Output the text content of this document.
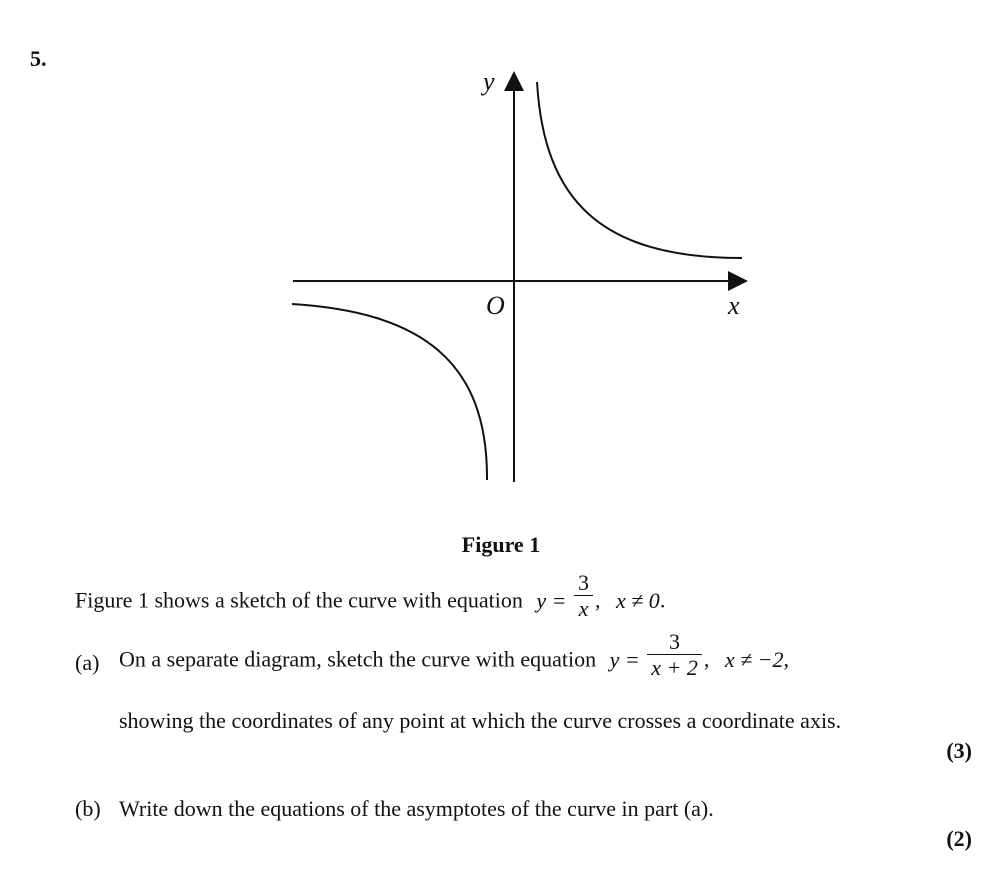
5.
y
x
O
Figure 1
Figure 1 shows a sketch of the curve with equation $y = \frac{3}{x}$ , x ≠ 0.
(a) On a separate diagram, sketch the curve with equation $y = \frac{3}{x + 2}$ , x ≠ −2,
showing the coordinates of any point at which the curve crosses a coordinate axis.
(3)
(b) Write down the equations of the asymptotes of the curve in part (a).
(2)
